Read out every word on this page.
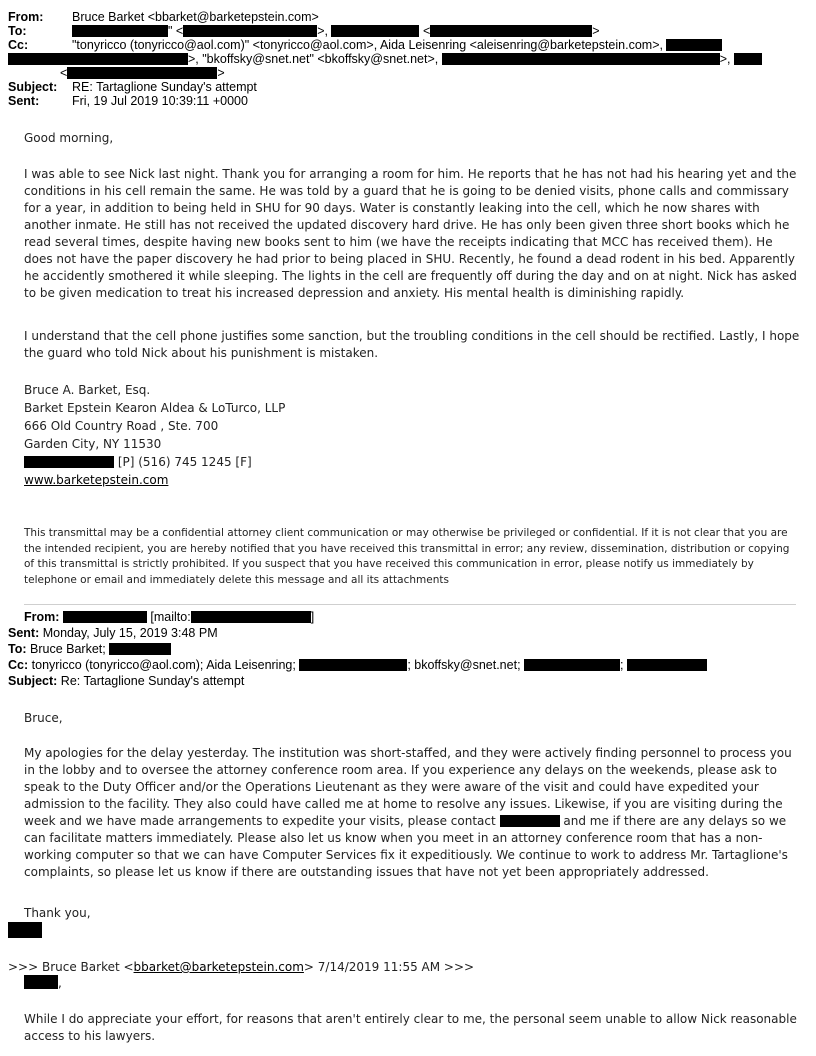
From: Bruce Barket <bbarket@barketepstein.com>
To:	" <	>,	<	>
Cc:	"tonyricco (tonyricco@aol.com)" <tonyricco@aol.com>, Aida Leisenring <aleisenring@barketepstein.com>,
>, "bkoffsky@snet.net" <bkoffsky@snet.net>,	>,
<	>
Subject: RE: Tartaglione Sunday's attempt
Sent:	Fri, 19 Jul 2019 10:39:11 +0000
Good morning,
I was able to see Nick last night. Thank you for arranging a room for him. He reports that he has not had his hearing yet and the conditions in his cell remain the same. He was told by a guard that he is going to be denied visits, phone calls and commissary for a year, in addition to being held in SHU for 90 days. Water is constantly leaking into the cell, which he now shares with another inmate. He still has not received the updated discovery hard drive. He has only been given three short books which he read several times, despite having new books sent to him (we have the receipts indicating that MCC has received them). He does not have the paper discovery he had prior to being placed in SHU. Recently, he found a dead rodent in his bed. Apparently he accidently smothered it while sleeping. The lights in the cell are frequently off during the day and on at night. Nick has asked to be given medication to treat his increased depression and anxiety. His mental health is diminishing rapidly.
I understand that the cell phone justifies some sanction, but the troubling conditions in the cell should be rectified. Lastly, I hope the guard who told Nick about his punishment is mistaken.
Bruce A. Barket, Esq.
Barket Epstein Kearon Aldea & LoTurco, LLP
666 Old Country Road , Ste. 700
Garden City, NY 11530
[P] (516) 745 1245 [F]
www.barketepstein.com
This transmittal may be a confidential attorney client communication or may otherwise be privileged or confidential. If it is not clear that you are the intended recipient, you are hereby notified that you have received this transmittal in error; any review, dissemination, distribution or copying of this transmittal is strictly prohibited. If you suspect that you have received this communication in error, please notify us immediately by telephone or email and immediately delete this message and all its attachments
From:	[mailto:	]
Sent: Monday, July 15, 2019 3:48 PM
To: Bruce Barket;
Cc: tonyricco (tonyricco@aol.com); Aida Leisenring;	; bkoffsky@snet.net;	;
Subject: Re: Tartaglione Sunday's attempt
Bruce,
My apologies for the delay yesterday. The institution was short-staffed, and they were actively finding personnel to process you in the lobby and to oversee the attorney conference room area. If you experience any delays on the weekends, please ask to speak to the Duty Officer and/or the Operations Lieutenant as they were aware of the visit and could have expedited your admission to the facility. They also could have called me at home to resolve any issues. Likewise, if you are visiting during the week and we have made arrangements to expedite your visits, please contact	and me if there are any delays so we can facilitate matters immediately. Please also let us know when you meet in an attorney conference room that has a non-working computer so that we can have Computer Services fix it expeditiously. We continue to work to address Mr. Tartaglione's complaints, so please let us know if there are outstanding issues that have not yet been appropriately addressed.
Thank you,
>>> Bruce Barket <bbarket@barketepstein.com> 7/14/2019 11:55 AM >>>
,
While I do appreciate your effort, for reasons that aren't entirely clear to me, the personal seem unable to allow Nick reasonable access to his lawyers.
